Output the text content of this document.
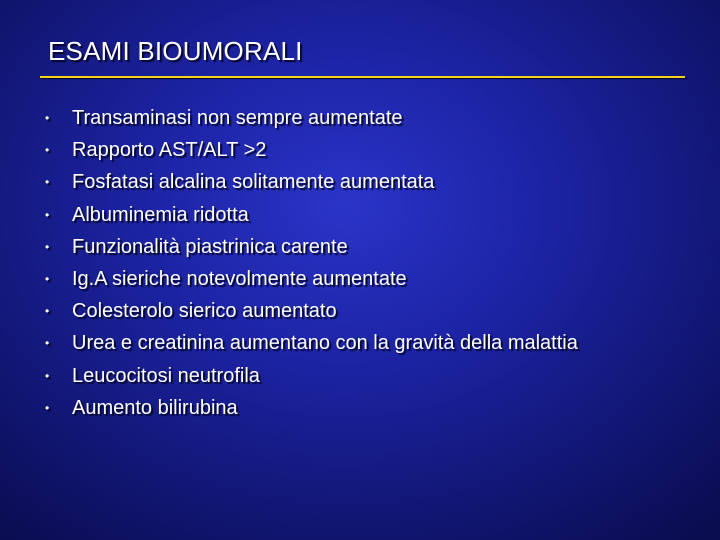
ESAMI BIOUMORALI
• Transaminasi non sempre aumentate
• Rapporto AST/ALT >2
• Fosfatasi alcalina solitamente aumentata
• Albuminemia ridotta
• Funzionalità piastrinica carente
• Ig.A sieriche notevolmente aumentate
• Colesterolo sierico aumentato
• Urea e creatinina aumentano con la gravità della malattia
• Leucocitosi neutrofila
• Aumento bilirubina
